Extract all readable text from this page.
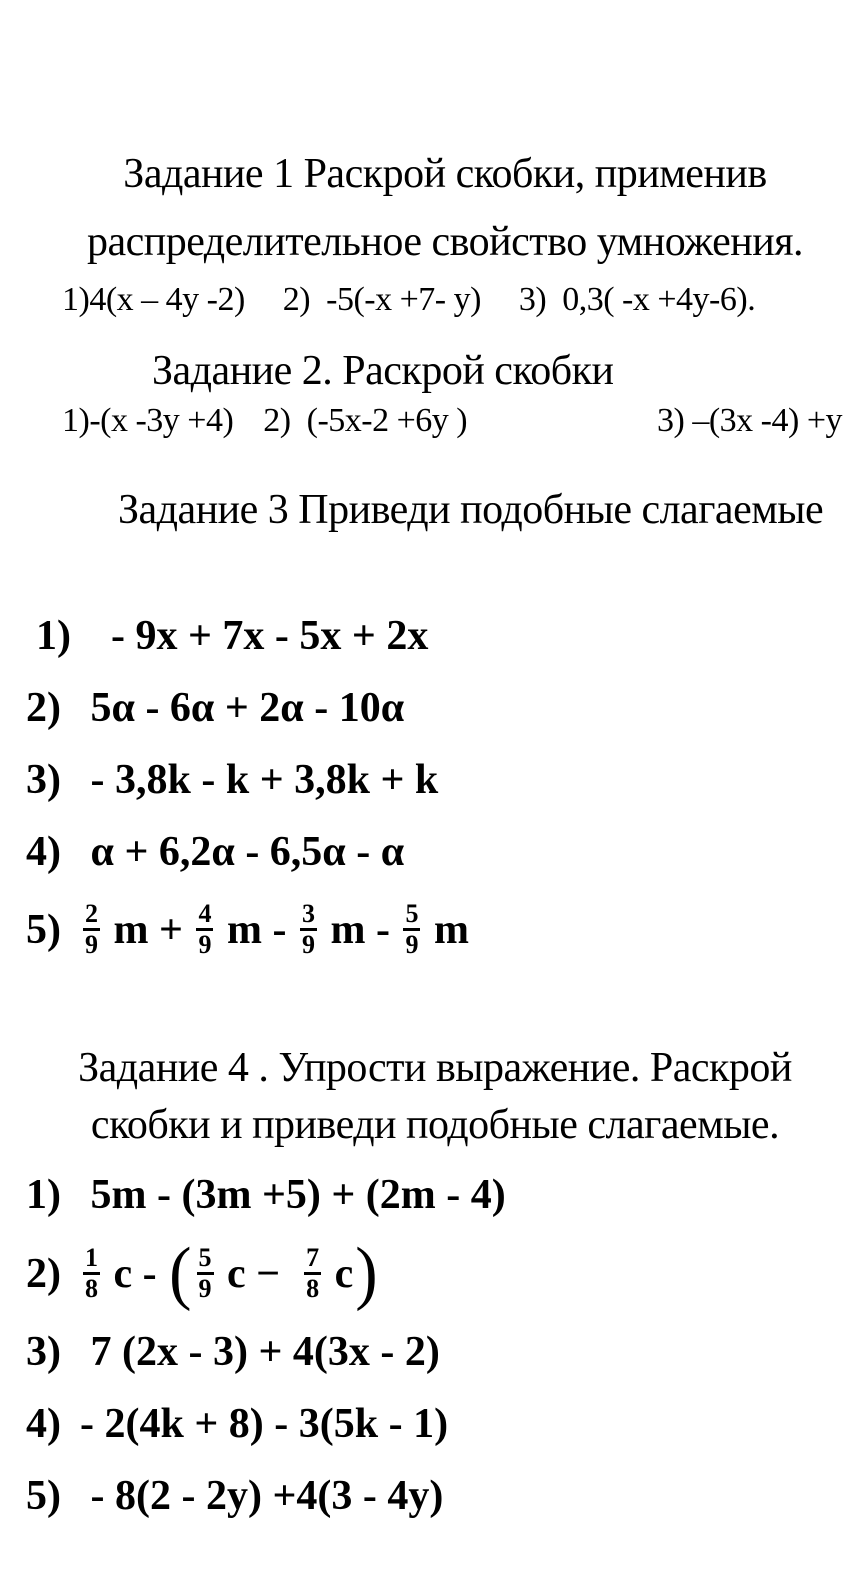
Задание 1 Раскрой скобки, применив
распределительное свойство умножения.
1)4(x – 4y -2) 2)  -5(-x +7- y) 3)  0,3( -x +4y-6).
Задание 2. Раскрой скобки
1)-(x -3y +4) 2)  (-5x-2 +6y )	3) –(3x -4) +y
Задание 3 Приведи подобные слагаемые
1) - 9x + 7x - 5x + 2x
2) 5α - 6α + 2α - 10α
3) - 3,8k - k + 3,8k + k
4) α + 6,2α - 6,5α - α
$5) \frac{2}{9}$ $m + \frac{4}{9}$ m - $\frac{3}{9}$ m - $\frac{5}{9}$ m
Задание 4 . Упрости выражение. Раскрой
скобки и приведи подобные слагаемые.
1) 5m - (3m +5) + (2m - 4)
$2) \frac{1}{8}$ c - ( $\frac{5}{9}$ $c - \frac{7}{8}$ c )
3) 7 (2x - 3) + 4(3x - 2)
4) - 2(4k + 8) - 3(5k - 1)
5) - 8(2 - 2y) +4(3 - 4y)
